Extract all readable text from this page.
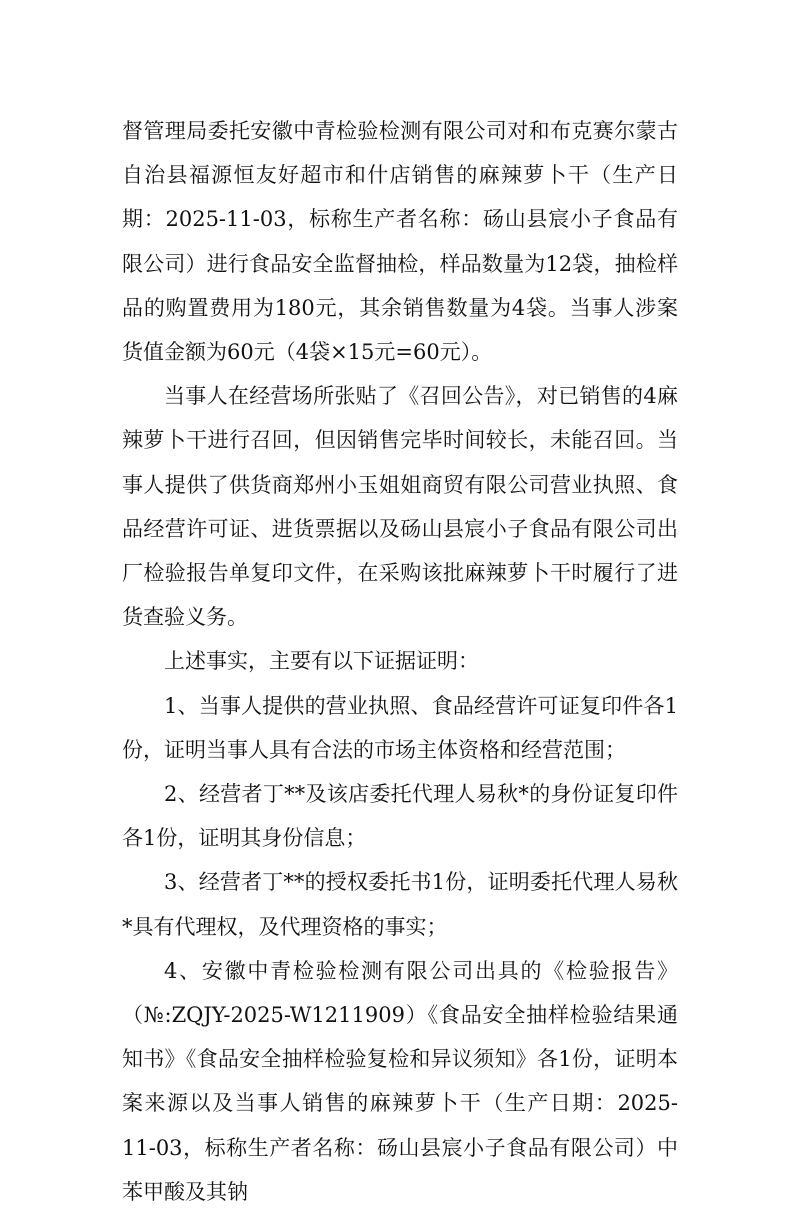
督管理局委托安徽中青检验检测有限公司对和布克赛尔蒙古自治县福源恒友好超市和什店销售的麻辣萝卜干（生产日期：2025-11-03，标称生产者名称：砀山县宸小子食品有限公司）进行食品安全监督抽检，样品数量为12袋，抽检样品的购置费用为180元，其余销售数量为4袋。当事人涉案货值金额为60元（4袋×15元=60元）。

当事人在经营场所张贴了《召回公告》，对已销售的4麻辣萝卜干进行召回，但因销售完毕时间较长，未能召回。当事人提供了供货商郑州小玉姐姐商贸有限公司营业执照、食品经营许可证、进货票据以及砀山县宸小子食品有限公司出厂检验报告单复印文件，在采购该批麻辣萝卜干时履行了进货查验义务。

上述事实，主要有以下证据证明：

1、当事人提供的营业执照、食品经营许可证复印件各1份，证明当事人具有合法的市场主体资格和经营范围；

2、经营者丁**及该店委托代理人易秋*的身份证复印件各1份，证明其身份信息；

3、经营者丁**的授权委托书1份，证明委托代理人易秋*具有代理权，及代理资格的事实；

4、安徽中青检验检测有限公司出具的《检验报告》（№:ZQJY-2025-W1211909）《食品安全抽样检验结果通知书》《食品安全抽样检验复检和异议须知》各1份，证明本案来源以及当事人销售的麻辣萝卜干（生产日期：2025-11-03，标称生产者名称：砀山县宸小子食品有限公司）中苯甲酸及其钠
